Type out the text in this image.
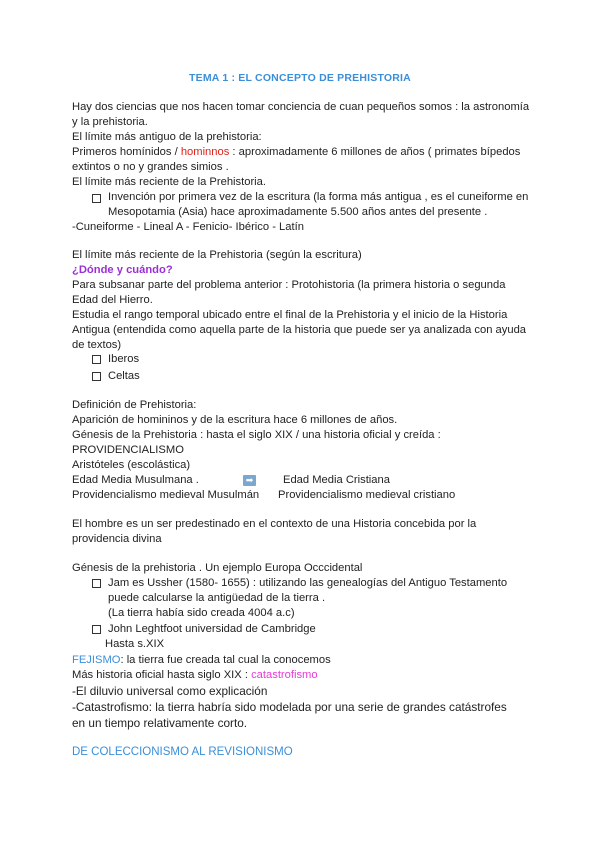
TEMA 1 : EL CONCEPTO DE PREHISTORIA
Hay dos ciencias que nos hacen tomar conciencia de cuan pequeños somos : la astronomía
y la prehistoria.
El límite más antiguo de la prehistoria:
Primeros homínidos / hominnos : aproximadamente 6 millones de años ( primates bípedos
extintos o no y grandes simios .
El límite más reciente de la Prehistoria.
Invención por primera vez de la escritura (la forma más antigua , es el cuneiforme en
Mesopotamia (Asia) hace aproximadamente 5.500 años antes del presente .
-Cuneiforme - Lineal A - Fenicio- Ibérico - Latín
El límite más reciente de la Prehistoria (según la escritura)
¿Dónde y cuándo?
Para subsanar parte del problema anterior : Protohistoria (la primera historia o segunda
Edad del Hierro.
Estudia el rango temporal ubicado entre el final de la Prehistoria y el inicio de la Historia
Antigua (entendida como aquella parte de la historia que puede ser ya analizada con ayuda
de textos)
Iberos
Celtas
Definición de Prehistoria:
Aparición de homininos y de la escritura hace 6 millones de años.
Génesis de la Prehistoria : hasta el siglo XIX / una historia oficial y creída :
PROVIDENCIALISMO
Aristóteles (escolástica)
Edad Media Musulmana .	➡	Edad Media Cristiana
Providencialismo medieval Musulmán Providencialismo medieval cristiano
El hombre es un ser predestinado en el contexto de una Historia concebida por la
providencia divina
Génesis de la prehistoria . Un ejemplo Europa Occcidental
Jam es Ussher (1580- 1655) : utilizando las genealogías del Antiguo Testamento
puede calcularse la antigüedad de la tierra .
(La tierra había sido creada 4004 a.c)
John Leghtfoot universidad de Cambridge
Hasta s.XIX
FEJISMO: la tierra fue creada tal cual la conocemos
Más historia oficial hasta siglo XIX : catastrofismo
-El diluvio universal como explicación
-Catastrofismo: la tierra habría sido modelada por una serie de grandes catástrofes
en un tiempo relativamente corto.
DE COLECCIONISMO AL REVISIONISMO
